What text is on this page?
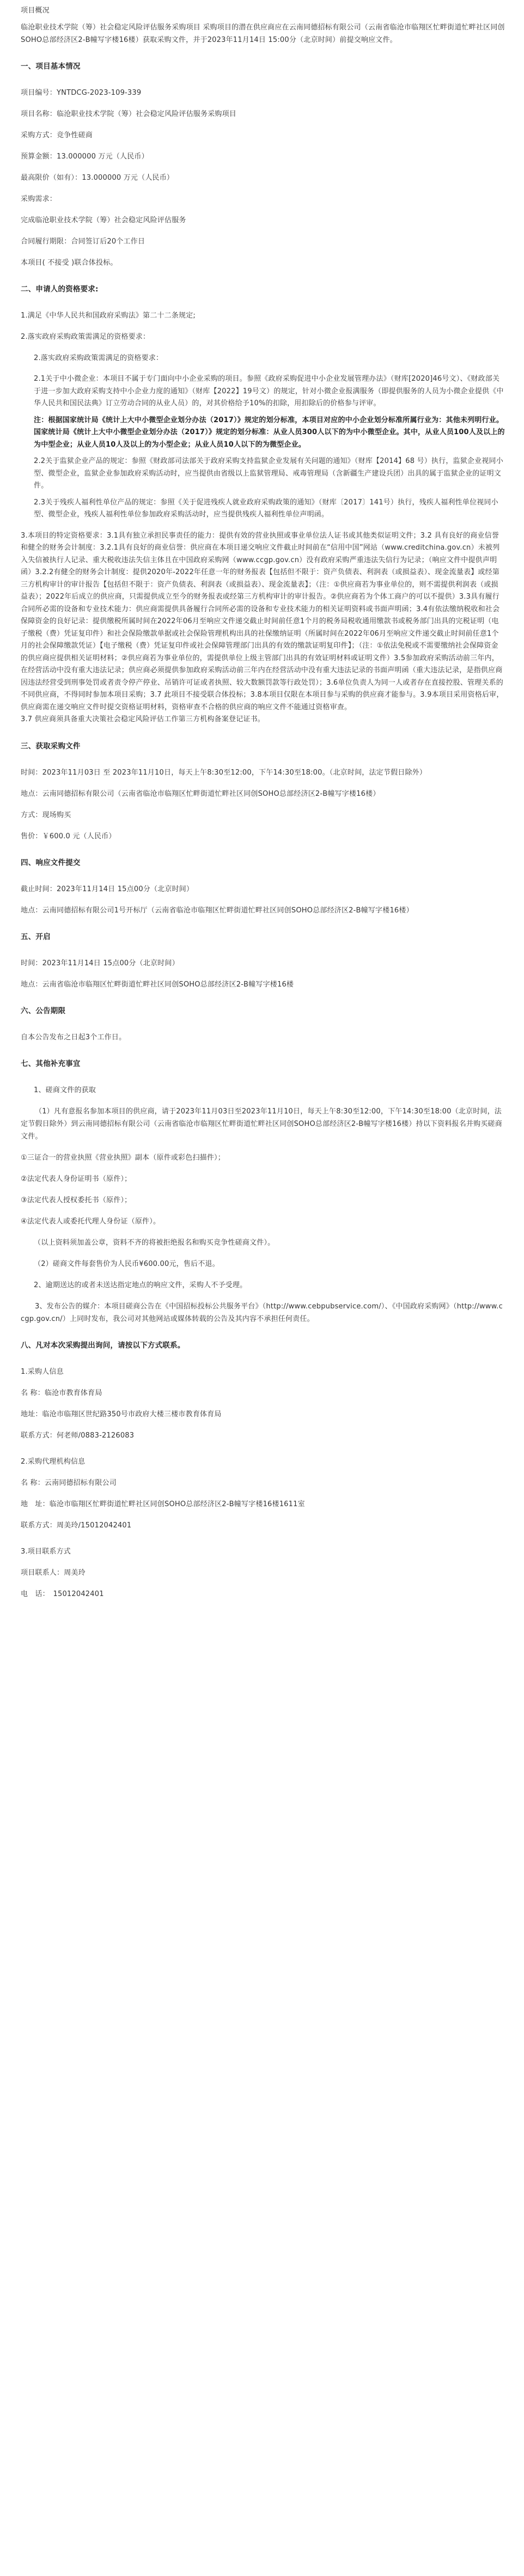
项目概况

临沧职业技术学院（筹）社会稳定风险评估服务采购项目 采购项目的潜在供应商应在云南同德招标有限公司（云南省临沧市临翔区忙畔街道忙畔社区同创SOHO总部经济区2-B幢写字楼16楼）获取采购文件，并于2023年11月14日 15:00分（北京时间）前提交响应文件。

一、项目基本情况

项目编号：YNTDCG-2023-109-339

项目名称：临沧职业技术学院（筹）社会稳定风险评估服务采购项目

采购方式：竞争性磋商

预算金额：13.000000 万元（人民币）

最高限价（如有）：13.000000 万元（人民币）

采购需求：

完成临沧职业技术学院（筹）社会稳定风险评估服务

合同履行期限：合同签订后20个工作日

本项目( 不接受 )联合体投标。

二、申请人的资格要求:

1.满足《中华人民共和国政府采购法》第二十二条规定;

2.落实政府采购政策需满足的资格要求：

2.落实政府采购政策需满足的资格要求：

2.1关于中小微企业：本项目不属于专门面向中小企业采购的项目。参照《政府采购促进中小企业发展管理办法》（财库[2020]46号文）、《财政部关于进一步加大政府采购支持中小企业力度的通知》（财库【2022】19号文）的规定，针对小微企业报满服务（即提供服务的人员为小微企业提供《中华人民共和国民法典》订立劳动合同的从业人员）的，对其价格给予10%的扣除，用扣除后的价格参与评审。

注：根据国家统计局《统计上大中小微型企业划分办法（2017）》规定的划分标准，本项目对应的中小企业划分标准所属行业为：其他未列明行业。国家统计局《统计上大中小微型企业划分办法（2017）》规定的划分标准：从业人员300人以下的为中小微型企业。其中，从业人员100人及以上的为中型企业；从业人员10人及以上的为小型企业；从业人员10人以下的为微型企业。

2.2关于监狱企业产品的规定：参照《财政部司法部关于政府采购支持监狱企业发展有关问题的通知》（财库【2014】68 号）执行，监狱企业视同小型、微型企业，监狱企业参加政府采购活动时，应当提供由省级以上监狱管理局、戒毒管理局（含新疆生产建设兵团）出具的属于监狱企业的证明文件。

2.3关于残疾人福利性单位产品的规定：参照《关于促进残疾人就业政府采购政策的通知》（财库〔2017〕141号）执行，残疾人福利性单位视同小型、微型企业，残疾人福利性单位参加政府采购活动时，应当提供残疾人福利性单位声明函。

3.本项目的特定资格要求：3.1具有独立承担民事责任的能力：提供有效的营业执照或事业单位法人证书或其他类似证明文件；3.2 具有良好的商业信誉和健全的财务会计制度：3.2.1具有良好的商业信誉：供应商在本项目递交响应文件截止时间前在“信用中国”网站（www.creditchina.gov.cn）未被列入失信被执行人记录、重大税收违法失信主体且在中国政府采购网（www.ccgp.gov.cn）没有政府采购严重违法失信行为记录；（响应文件中提供声明函）3.2.2有健全的财务会计制度：提供2020年-2022年任意一年的财务报表【包括但不限于：资产负债表、利润表（或损益表）、现金流量表】或经第三方机构审计的审计报告【包括但不限于：资产负债表、利润表（或损益表）、现金流量表】；（注：①供应商若为事业单位的，则不需提供利润表（或损益表）；2022年后成立的供应商，只需提供成立至今的财务报表或经第三方机构审计的审计报告。②供应商若为个体工商户的可以不提供）3.3具有履行合同所必需的设备和专业技术能力：供应商需提供具备履行合同所必需的设备和专业技术能力的相关证明资料或书面声明函；3.4有依法缴纳税收和社会保障资金的良好记录：提供缴税所属时间在2022年06月至响应文件递交截止时间前任意1个月的税务局税收通用缴款书或税务部门出具的完税证明（电子缴税（费）凭证复印件）和社会保险缴款单据或社会保险管理机构出具的社保缴纳证明（所属时间在2022年06月至响应文件递交截止时间前任意1个月的社会保障缴款凭证）【电子缴税（费）凭证复印件或社会保障管理部门出具的有效的缴款证明复印件】；（注：①依法免税或不需要缴纳社会保障资金的供应商应提供相关证明材料；②供应商若为事业单位的，需提供单位上级主管部门出具的有效证明材料或证明文件）3.5参加政府采购活动前三年内，在经营活动中没有重大违法记录；供应商必须提供参加政府采购活动前三年内在经营活动中没有重大违法记录的书面声明函（重大违法记录，是指供应商因违法经营受到刑事处罚或者责令停产停业、吊销许可证或者执照、较大数额罚款等行政处罚）；3.6单位负责人为同一人或者存在直接控股、管理关系的不同供应商，不得同时参加本项目采购；3.7 此项目不接受联合体投标；3.8本项目仅限在本项目参与采购的供应商才能参与。3.9本项目采用资格后审，供应商需在递交响应文件时提交资格证明材料，资格审查不合格的供应商的响应文件不能通过资格审查。

3.7 供应商须具备重大决策社会稳定风险评估工作第三方机构备案登记证书。

三、获取采购文件

时间：2023年11月03日 至 2023年11月10日，每天上午8:30至12:00，下午14:30至18:00。（北京时间，法定节假日除外）

地点：云南同德招标有限公司（云南省临沧市临翔区忙畔街道忙畔社区同创SOHO总部经济区2-B幢写字楼16楼）

方式：现场购买

售价：￥600.0 元（人民币）

四、响应文件提交

截止时间：2023年11月14日 15点00分（北京时间）

地点：云南同德招标有限公司1号开标厅（云南省临沧市临翔区忙畔街道忙畔社区同创SOHO总部经济区2-B幢写字楼16楼）

五、开启

时间：2023年11月14日 15点00分（北京时间）

地点：云南省临沧市临翔区忙畔街道忙畔社区同创SOHO总部经济区2-B幢写字楼16楼

六、公告期限

自本公告发布之日起3个工作日。

七、其他补充事宜

1、磋商文件的获取

（1）凡有意报名参加本项目的供应商，请于2023年11月03日至2023年11月10日，每天上午8:30至12:00，下午14:30至18:00（北京时间，法定节假日除外）到云南同德招标有限公司（云南省临沧市临翔区忙畔街道忙畔社区同创SOHO总部经济区2-B幢写字楼16楼）持以下资料报名并购买磋商文件。

①三证合一的营业执照《营业执照》副本（原件或彩色扫描件）；

②法定代表人身份证明书（原件）；

③法定代表人授权委托书（原件）；

④法定代表人或委托代理人身份证（原件）。

（以上资料须加盖公章，资料不齐的将被拒绝报名和购买竞争性磋商文件）。

（2）磋商文件每套售价为人民币¥600.00元，售后不退。

2、逾期送达的或者未送达指定地点的响应文件，采购人不予受理。

3、发布公告的媒介：本项目磋商公告在《中国招标投标公共服务平台》（http://www.cebpubservice.com/）、《中国政府采购网》（http://www.ccgp.gov.cn/）上同时发布，我公司对其他网站或媒体转载的公告及其内容不承担任何责任。

八、凡对本次采购提出询问，请按以下方式联系。

1.采购人信息

名 称：临沧市教育体育局

地址：临沧市临翔区世纪路350号市政府大楼三楼市教育体育局

联系方式：何老师/0883-2126083

2.采购代理机构信息

名 称：云南同德招标有限公司

地　址：临沧市临翔区忙畔街道忙畔社区同创SOHO总部经济区2-B幢写字楼16楼1611室

联系方式：周美玲/15012042401

3.项目联系方式

项目联系人：周美玲

电　话：　15012042401
